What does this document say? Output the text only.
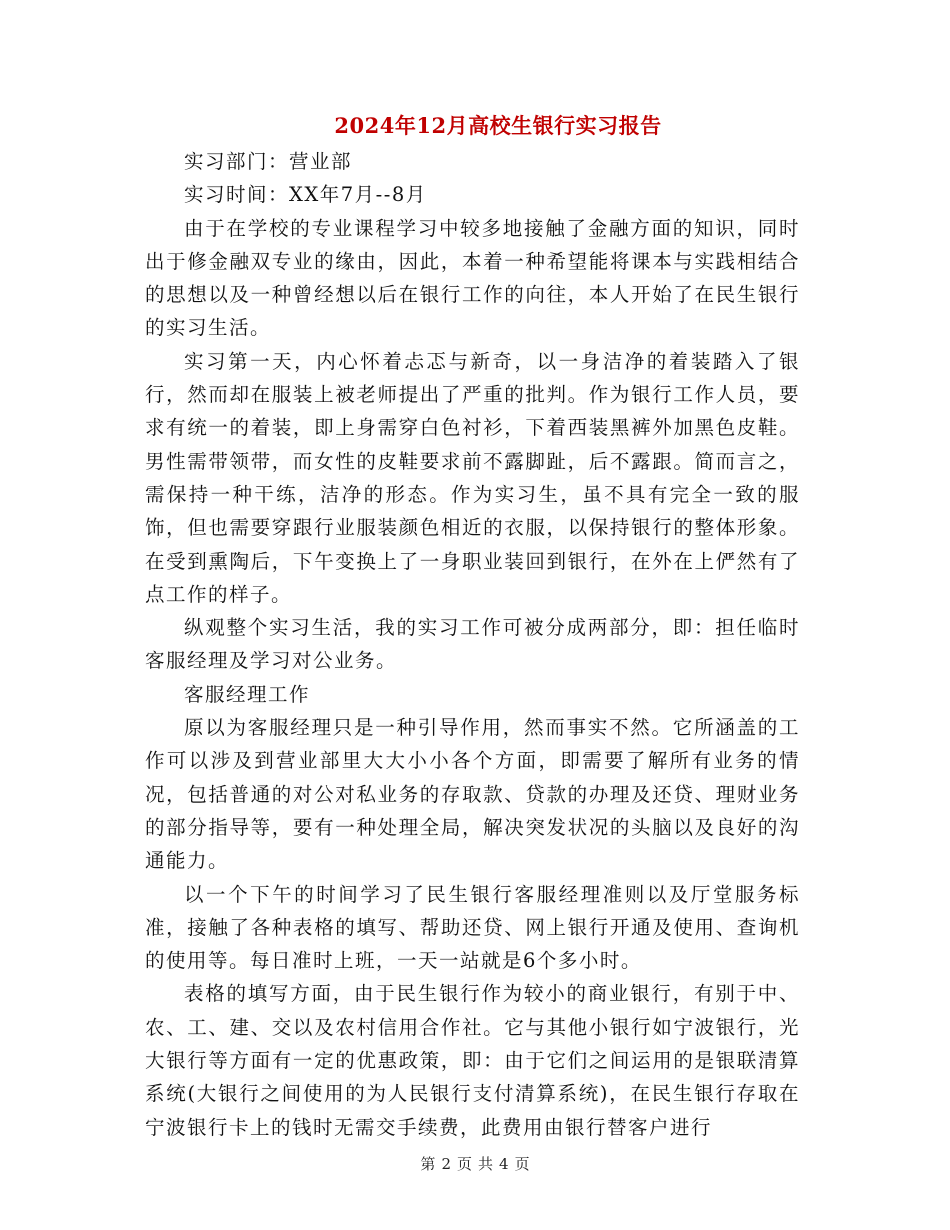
2024年12月高校生银行实习报告

实习部门：营业部

实习时间：XX年7月--8月

由于在学校的专业课程学习中较多地接触了金融方面的知识，同时出于修金融双专业的缘由，因此，本着一种希望能将课本与实践相结合的思想以及一种曾经想以后在银行工作的向往，本人开始了在民生银行的实习生活。

实习第一天，内心怀着忐忑与新奇，以一身洁净的着装踏入了银行，然而却在服装上被老师提出了严重的批判。作为银行工作人员，要求有统一的着装，即上身需穿白色衬衫，下着西装黑裤外加黑色皮鞋。男性需带领带，而女性的皮鞋要求前不露脚趾，后不露跟。简而言之，需保持一种干练，洁净的形态。作为实习生，虽不具有完全一致的服饰，但也需要穿跟行业服装颜色相近的衣服，以保持银行的整体形象。在受到熏陶后，下午变换上了一身职业装回到银行，在外在上俨然有了点工作的样子。

纵观整个实习生活，我的实习工作可被分成两部分，即：担任临时客服经理及学习对公业务。

客服经理工作

原以为客服经理只是一种引导作用，然而事实不然。它所涵盖的工作可以涉及到营业部里大大小小各个方面，即需要了解所有业务的情况，包括普通的对公对私业务的存取款、贷款的办理及还贷、理财业务的部分指导等，要有一种处理全局，解决突发状况的头脑以及良好的沟通能力。

以一个下午的时间学习了民生银行客服经理准则以及厅堂服务标准，接触了各种表格的填写、帮助还贷、网上银行开通及使用、查询机的使用等。每日准时上班，一天一站就是6个多小时。

表格的填写方面，由于民生银行作为较小的商业银行，有别于中、农、工、建、交以及农村信用合作社。它与其他小银行如宁波银行，光大银行等方面有一定的优惠政策，即：由于它们之间运用的是银联清算系统(大银行之间使用的为人民银行支付清算系统)，在民生银行存取在宁波银行卡上的钱时无需交手续费，此费用由银行替客户进行

第 2 页 共 4 页
